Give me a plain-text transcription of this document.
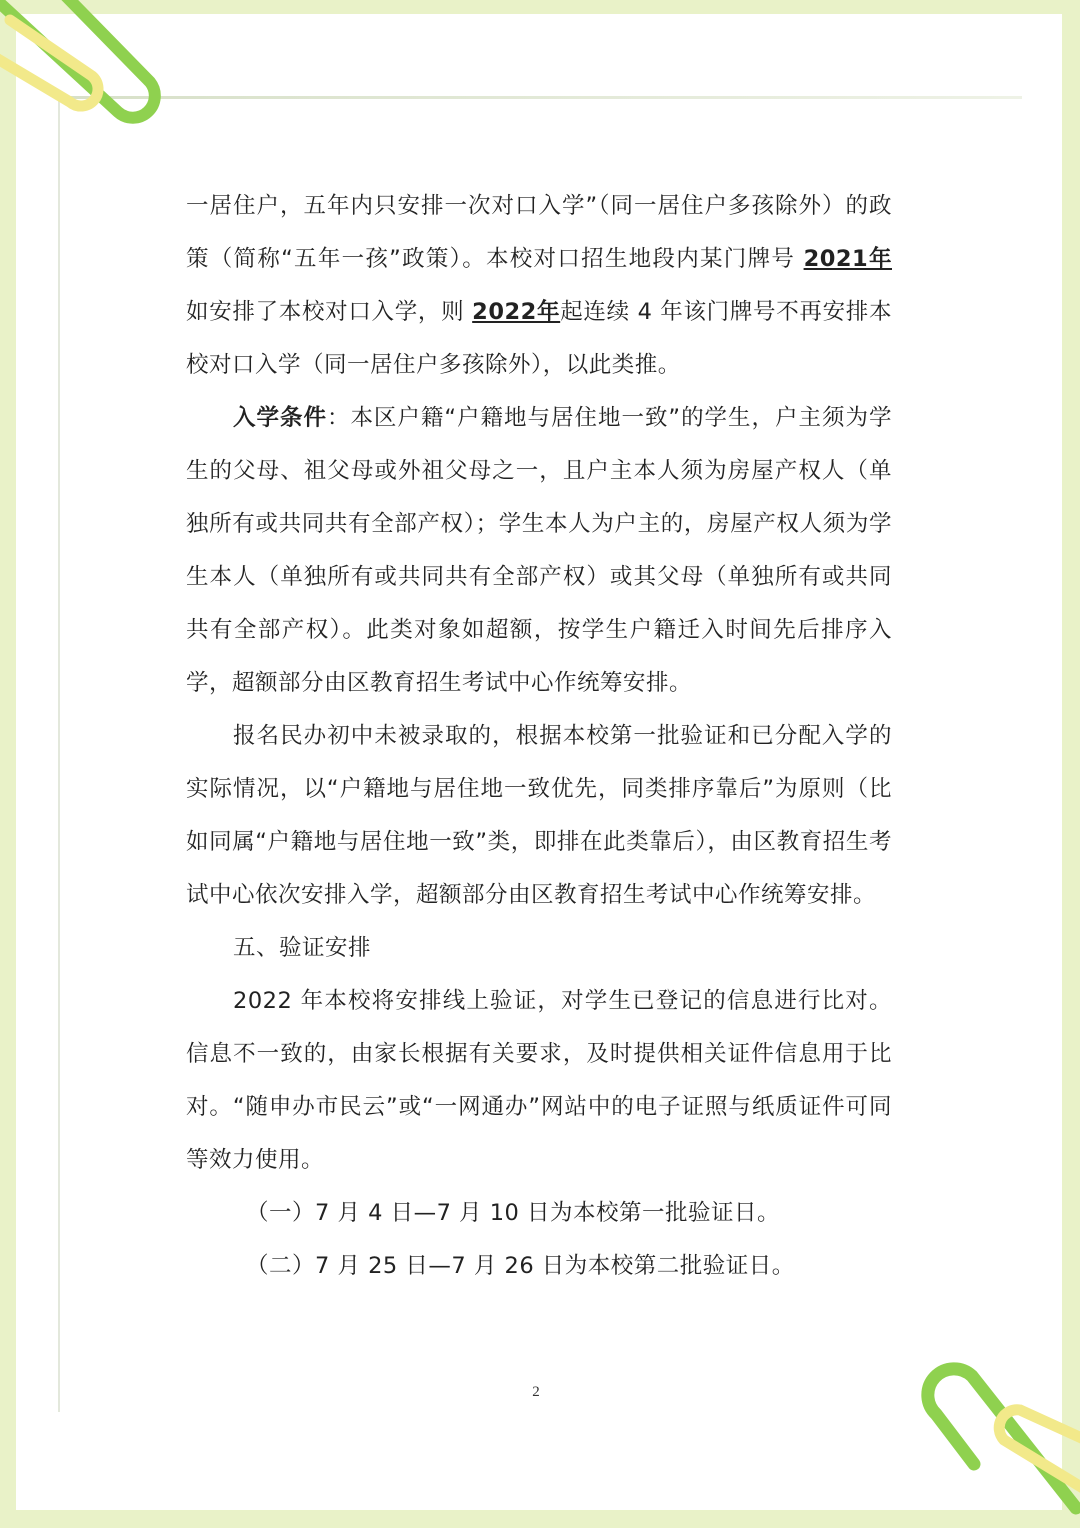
一居住户，五年内只安排一次对口入学”（同一居住户多孩除外）的政策（简称“五年一孩”政策）。本校对口招生地段内某门牌号 2021年如安排了本校对口入学，则 2022年起连续 4 年该门牌号不再安排本校对口入学（同一居住户多孩除外），以此类推。

入学条件：本区户籍“户籍地与居住地一致”的学生，户主须为学生的父母、祖父母或外祖父母之一，且户主本人须为房屋产权人（单独所有或共同共有全部产权）；学生本人为户主的，房屋产权人须为学生本人（单独所有或共同共有全部产权）或其父母（单独所有或共同共有全部产权）。此类对象如超额，按学生户籍迁入时间先后排序入学，超额部分由区教育招生考试中心作统筹安排。

报名民办初中未被录取的，根据本校第一批验证和已分配入学的实际情况，以“户籍地与居住地一致优先，同类排序靠后”为原则（比如同属“户籍地与居住地一致”类，即排在此类靠后），由区教育招生考试中心依次安排入学，超额部分由区教育招生考试中心作统筹安排。

五、验证安排

2022 年本校将安排线上验证，对学生已登记的信息进行比对。信息不一致的，由家长根据有关要求，及时提供相关证件信息用于比对。“随申办市民云”或“一网通办”网站中的电子证照与纸质证件可同等效力使用。

（一）7 月 4 日—7 月 10 日为本校第一批验证日。

（二）7 月 25 日—7 月 26 日为本校第二批验证日。

2
